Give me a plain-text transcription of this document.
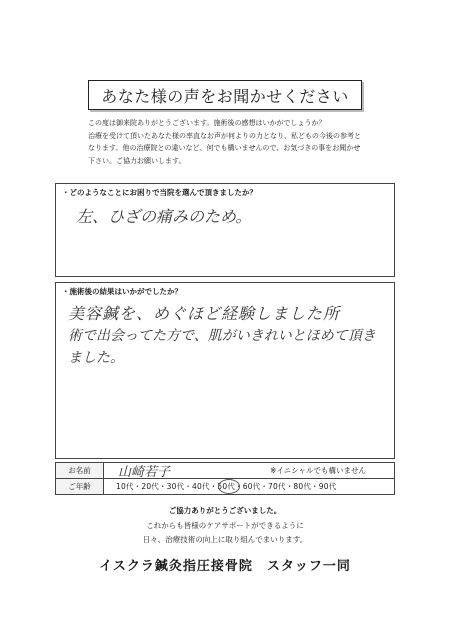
あなた様の声をお聞かせください
この度は御来院ありがとうございます。施術後の感想はいかがでしょうか？
治療を受けて頂いたあなた様の率直なお声が何よりの力となり、私どもの今後の参考と
なります。他の治療院との違いなど、何でも構いませんので、お気づきの事をお聞かせ
下さい。ご協力お願いします。
・どのようなことにお困りで当院を選んで頂きましたか？
左、ひざの痛みのため。
・施術後の結果はいかがでしたか？
美容鍼を、めぐほど経験しました所
術で出会ってた方で、肌がいきれいとほめて頂き
ました。
お名前	山崎若子	※イニシャルでも構いません
ご年齢	10代・20代・30代・40代・50代・60代・70代・80代・90代
ご協力ありがとうございました。
これからも皆様のケアサポートができるように
日々、治療技術の向上に取り組んでまいります。
イスクラ鍼灸指圧接骨院　スタッフ一同
